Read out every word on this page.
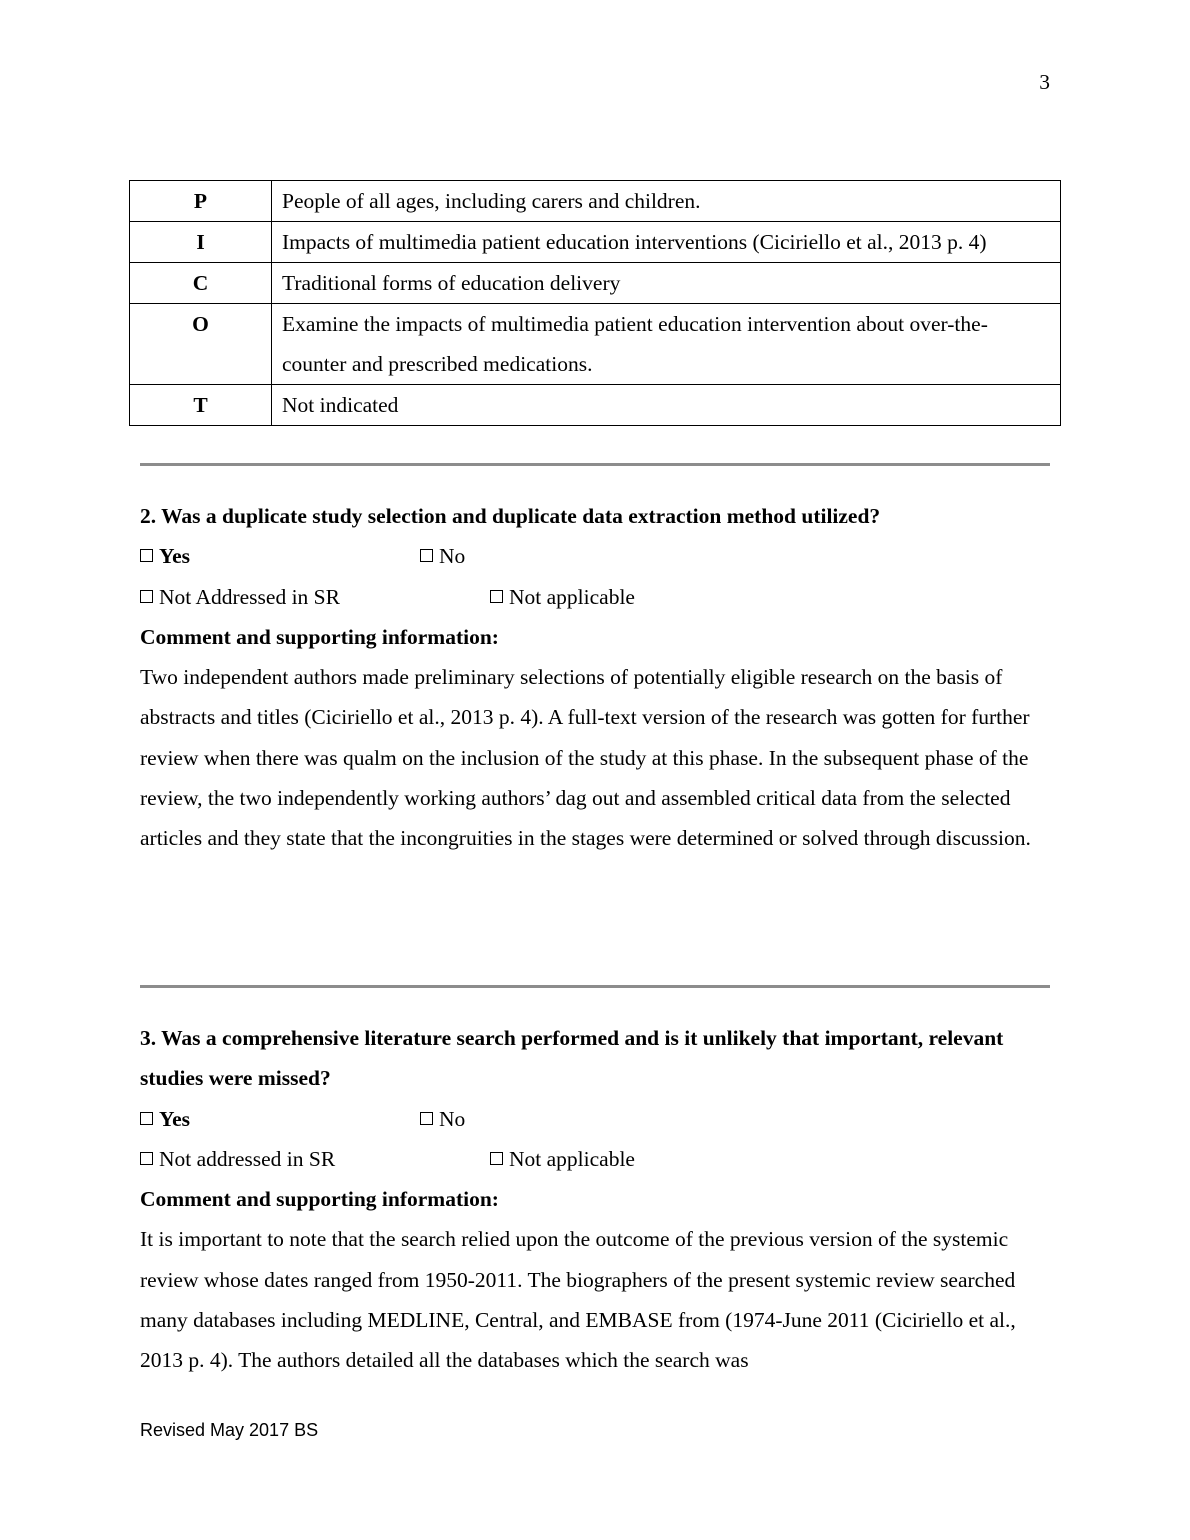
3
P	People of all ages, including carers and children.
I	Impacts of multimedia patient education interventions (Ciciriello et al., 2013 p. 4)
C	Traditional forms of education delivery
O	Examine the impacts of multimedia patient education intervention about over-the-counter and prescribed medications.
T	Not indicated
2. Was a duplicate study selection and duplicate data extraction method utilized?
Yes	No
Not Addressed in SR	Not applicable
Comment and supporting information:

Two independent authors made preliminary selections of potentially eligible research on the basis of abstracts and titles (Ciciriello et al., 2013 p. 4). A full-text version of the research was gotten for further review when there was qualm on the inclusion of the study at this phase. In the subsequent phase of the review, the two independently working authors’ dag out and assembled critical data from the selected articles and they state that the incongruities in the stages were determined or solved through discussion.

3. Was a comprehensive literature search performed and is it unlikely that important, relevant studies were missed?
Yes	No
Not addressed in SR	Not applicable
Comment and supporting information:

It is important to note that the search relied upon the outcome of the previous version of the systemic review whose dates ranged from 1950-2011. The biographers of the present systemic review searched many databases including MEDLINE, Central, and EMBASE from (1974-June 2011 (Ciciriello et al., 2013 p. 4). The authors detailed all the databases which the search was

Revised May 2017 BS
